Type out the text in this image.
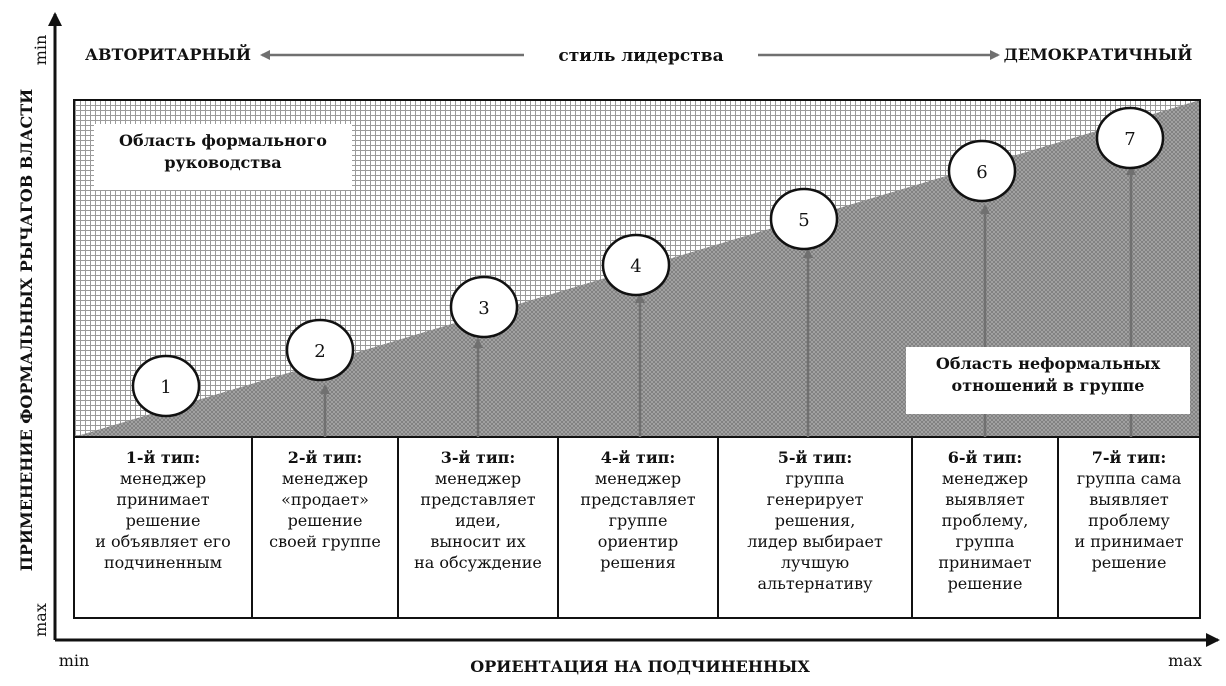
1
2
3
4
5
6
7
min
max
ПРИМЕНЕНИЕ ФОРМАЛЬНЫХ РЫЧАГОВ ВЛАСТИ
min	max
ОРИЕНТАЦИЯ НА ПОДЧИНЕННЫХ
АВТОРИТАРНЫЙ	стиль лидерства	ДЕМОКРАТИЧНЫЙ
Область формального
руководства
Область неформальных
отношений в группе
1-й тип:
менеджер
принимает
решение
и объявляет его
подчиненным
2-й тип:
менеджер
«продает»
решение
своей группе
3-й тип:
менеджер
представляет
идеи,
выносит их
на обсуждение
4-й тип:
менеджер
представляет
группе
ориентир
решения
5-й тип:
группа
генерирует
решения,
лидер выбирает
лучшую
альтернативу
6-й тип:
менеджер
выявляет
проблему,
группа
принимает
решение
7-й тип:
группа сама
выявляет
проблему
и принимает
решение
